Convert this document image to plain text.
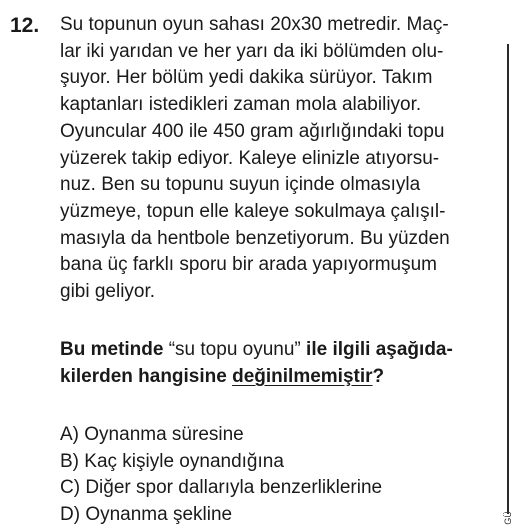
12. Su topunun oyun sahası 20x30 metredir. Maç-
lar iki yarıdan ve her yarı da iki bölümden olu-
şuyor. Her bölüm yedi dakika sürüyor. Takım
kaptanları istedikleri zaman mola alabiliyor.
Oyuncular 400 ile 450 gram ağırlığındaki topu
yüzerek takip ediyor. Kaleye elinizle atıyorsu-
nuz. Ben su topunu suyun içinde olmasıyla
yüzmeye, topun elle kaleye sokulmaya çalışıl-
masıyla da hentbole benzetiyorum. Bu yüzden
bana üç farklı sporu bir arada yapıyormuşum
gibi geliyor.
Bu metinde “su topu oyunu” ile ilgili aşağıda-
kilerden hangisine değinilmemiştir?
A) Oynanma süresine
B) Kaç kişiyle oynandığına
C) Diğer spor dallarıyla benzerliklerine
D) Oynanma şekline	GÜ
